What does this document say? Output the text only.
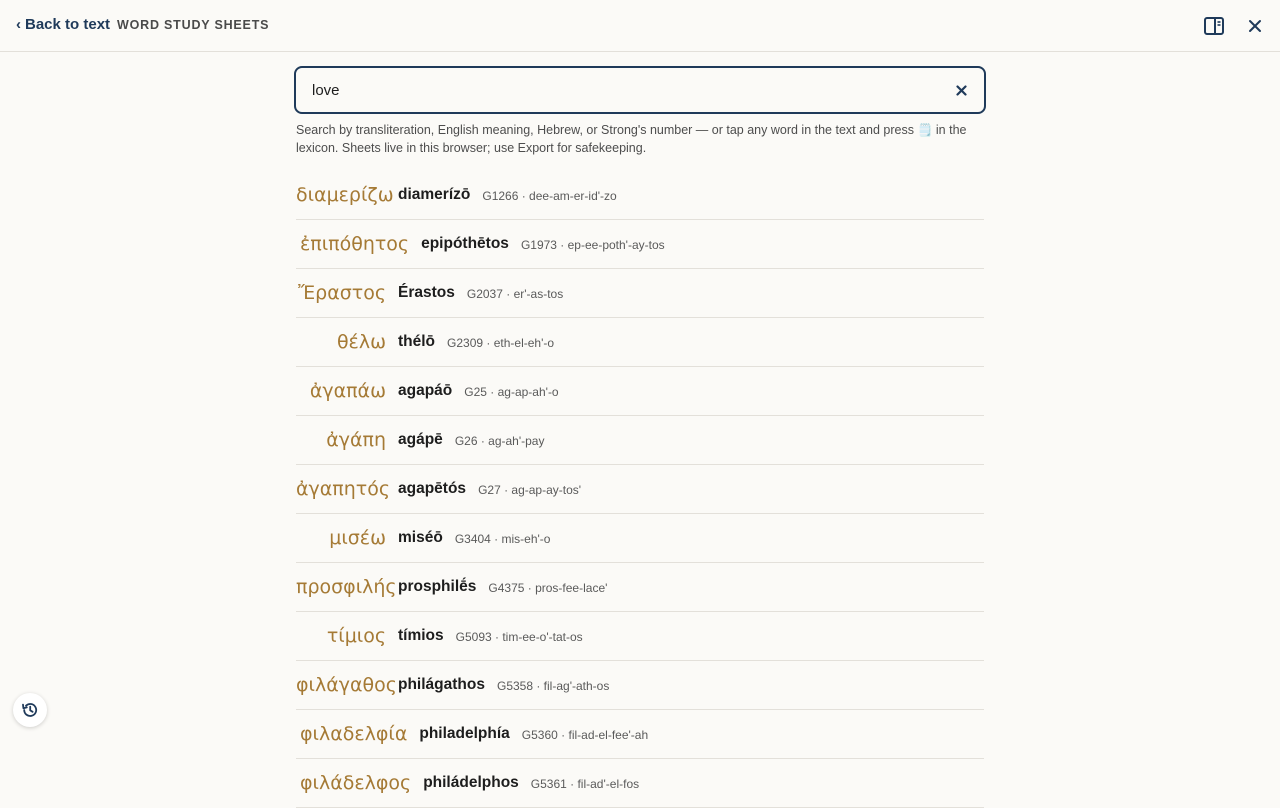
‹ Back to text WORD STUDY SHEETS
love
Search by transliteration, English meaning, Hebrew, or Strong's number — or tap any word in the text and press 🗒️ in the lexicon. Sheets live in this browser; use Export for safekeeping.
διαμερίζω diamerízō G1266 · dee-am-er-id'-zo
ἐπιπόθητος epipóthētos G1973 · ep-ee-poth'-ay-tos
Ἔραστος Érastos G2037 · er'-as-tos
θέλω thélō G2309 · eth-el-eh'-o
ἀγαπάω agapáō G25 · ag-ap-ah'-o
ἀγάπη agápē G26 · ag-ah'-pay
ἀγαπητός agapētós G27 · ag-ap-ay-tos'
μισέω miséō G3404 · mis-eh'-o
προσφιλής prosphilḗs G4375 · pros-fee-lace'
τίμιος tímios G5093 · tim-ee-o'-tat-os
φιλάγαθος philágathos G5358 · fil-ag'-ath-os
φιλαδελφία philadelphía G5360 · fil-ad-el-fee'-ah
φιλάδελφος philádelphos G5361 · fil-ad'-el-fos
